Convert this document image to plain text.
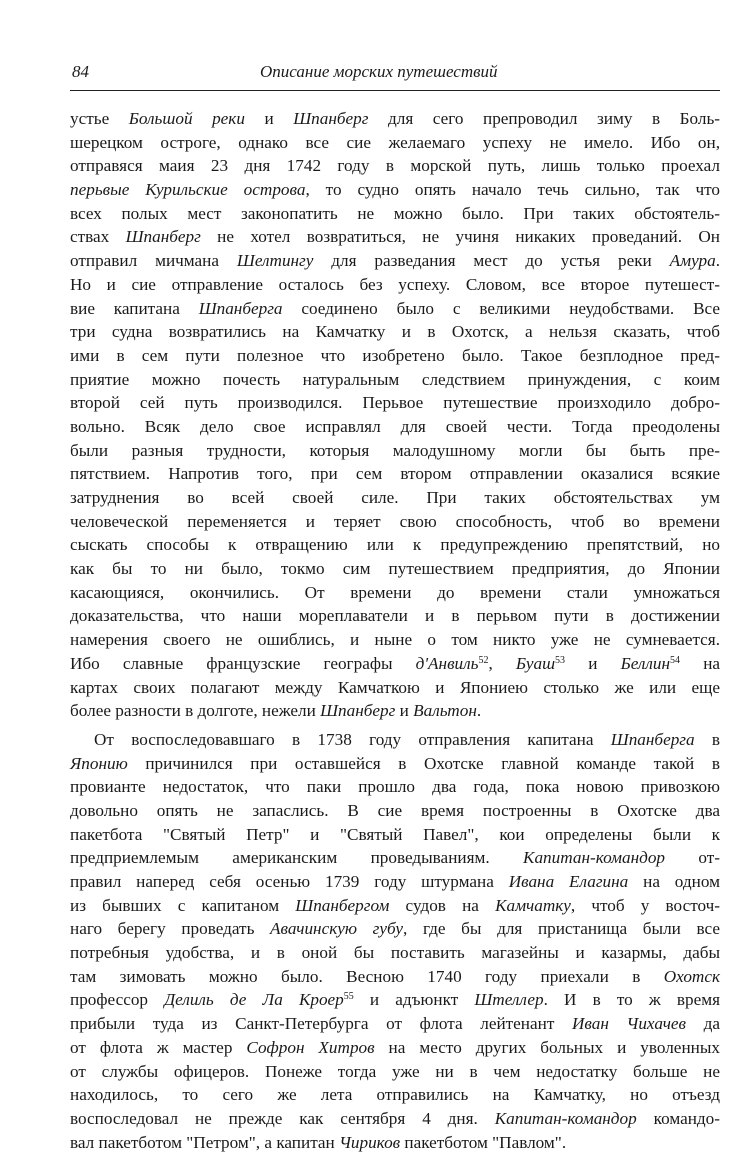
84	Описание морских путешествий
устье Большой реки и Шпанберг для сего препроводил зиму в Боль-
шерецком остроге, однако все сие желаемаго успеху не имело. Ибо он,
отправяся маия 23 дня 1742 году в морской путь, лишь только проехал
перьвые Курильские острова, то судно опять начало течь сильно, так что
всех полых мест законопатить не можно было. При таких обстоятель-
ствах Шпанберг не хотел возвратиться, не учиня никаких проведаний. Он
отправил мичмана Шелтингу для разведания мест до устья реки Амура.
Но и сие отправление осталось без успеху. Словом, все второе путешест-
вие капитана Шпанберга соединено было с великими неудобствами. Все
три судна возвратились на Камчатку и в Охотск, а нельзя сказать, чтоб
ими в сем пути полезное что изобретено было. Такое безплодное пред-
приятие можно почесть натуральным следствием принуждения, с коим
второй сей путь производился. Перьвое путешествие произходило добро-
вольно. Всяк дело свое исправлял для своей чести. Тогда преодолены
были разныя трудности, которыя малодушному могли бы быть пре-
пятствием. Напротив того, при сем втором отправлении оказалися всякие
затруднения во всей своей силе. При таких обстоятельствах ум
человеческой переменяется и теряет свою способность, чтоб во времени
сыскать способы к отвращению или к предупреждению препятствий, но
как бы то ни было, токмо сим путешествием предприятия, до Японии
касающияся, окончились. От времени до времени стали умножаться
доказательства, что наши мореплаватели и в перьвом пути в достижении
намерения своего не ошиблись, и ныне о том никто уже не сумневается.
Ибо славные французские географы д'Анвиль$^{52}$, Буаш$^{53}$ и Беллин$^{54}$ на
картах своих полагают между Камчаткою и Япониею столько же или еще
более разности в долготе, нежели Шпанберг и Вальтон.
От воспоследовавшаго в 1738 году отправления капитана Шпанберга в
Японию причинился при оставшейся в Охотске главной команде такой в
провианте недостаток, что паки прошло два года, пока новою привозкою
довольно опять не запаслись. В сие время построенны в Охотске два
пакетбота "Святый Петр" и "Святый Павел", кои определены были к
предприемлемым американским проведываниям. Капитан-командор от-
правил наперед себя осенью 1739 году штурмана Ивана Елагина на одном
из бывших с капитаном Шпанбергом судов на Камчатку, чтоб у восточ-
наго берегу проведать Авачинскую губу, где бы для пристанища были все
потребныя удобства, и в оной бы поставить магазейны и казармы, дабы
там зимовать можно было. Весною 1740 году приехали в Охотск
профессор Делиль де Ла Кроер$^{55}$ и адъюнкт Штеллер. И в то ж время
прибыли туда из Санкт-Петербурга от флота лейтенант Иван Чихачев да
от флота ж мастер Софрон Хитров на место других больных и уволенных
от службы офицеров. Понеже тогда уже ни в чем недостатку больше не
находилось, то сего же лета отправились на Камчатку, но отъезд
воспоследовал не прежде как сентября 4 дня. Капитан-командор командо-
вал пакетботом "Петром", а капитан Чириков пакетботом "Павлом".
